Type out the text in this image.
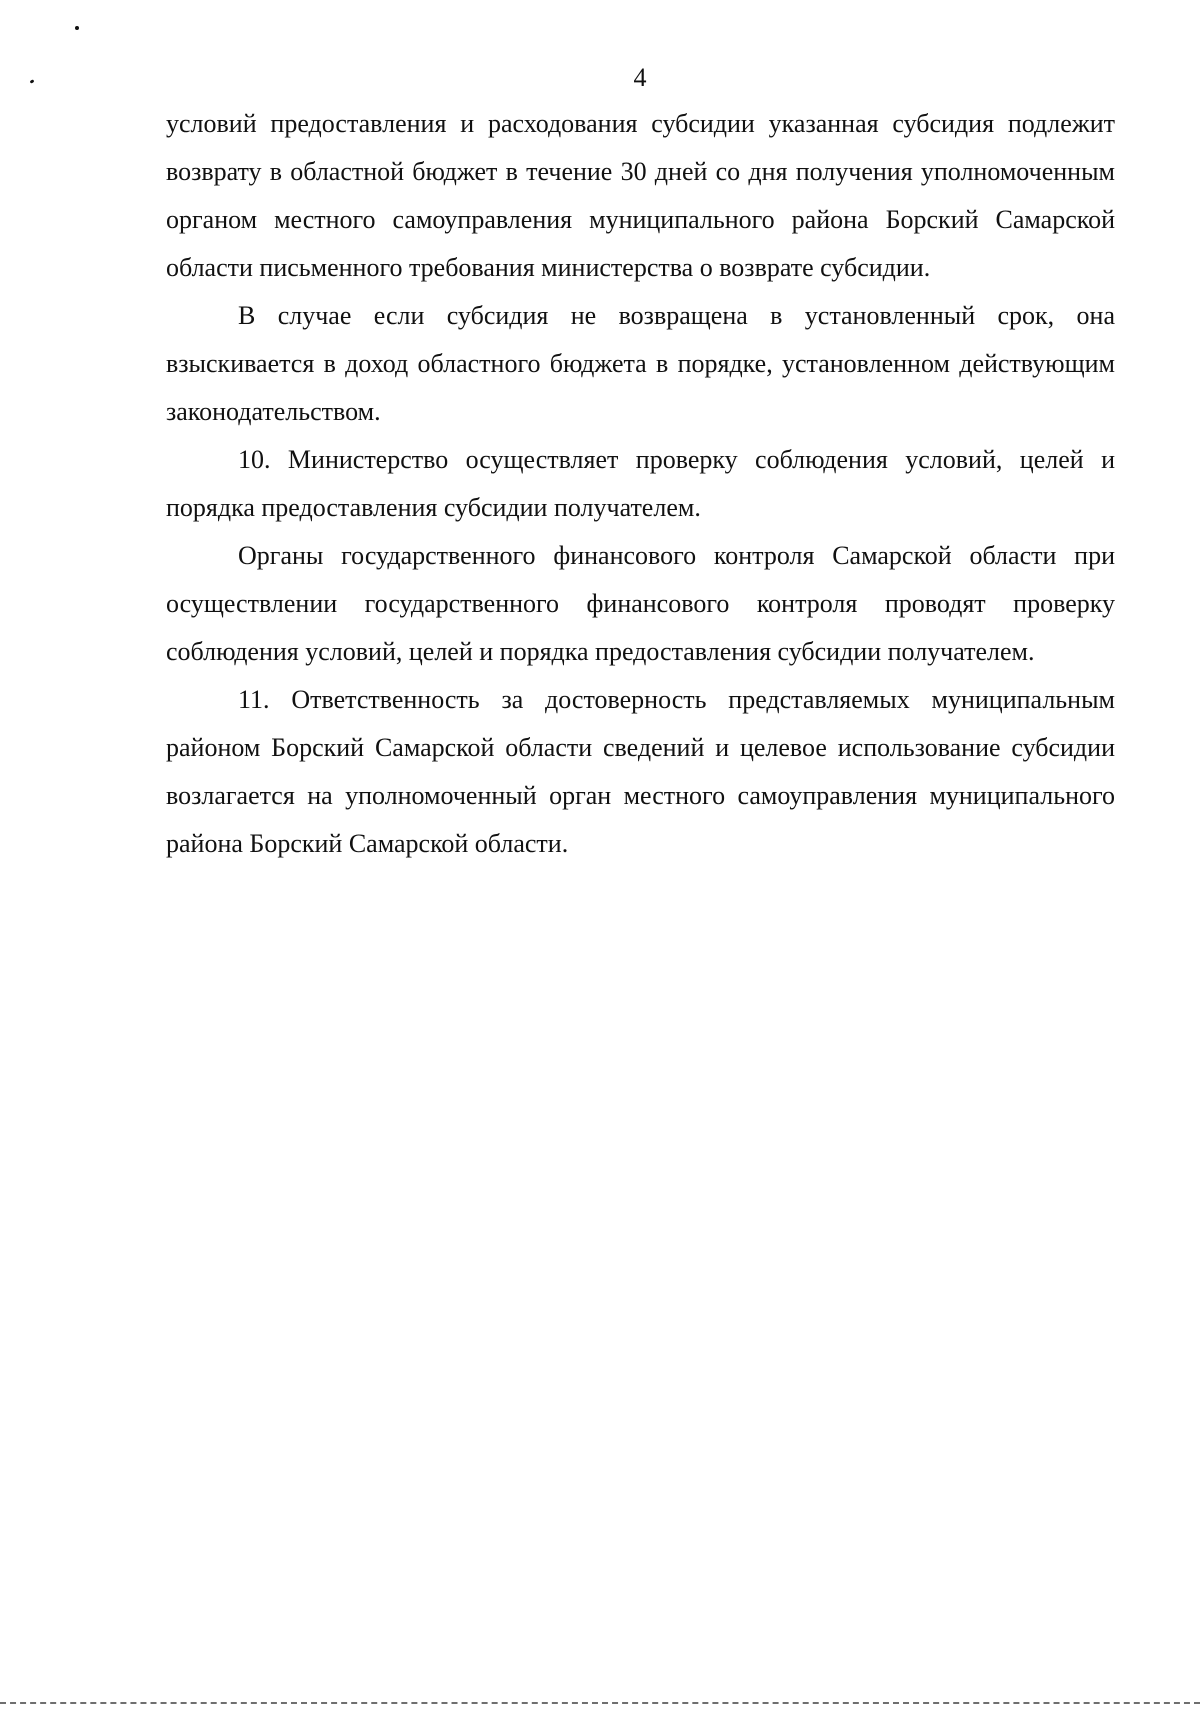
4

условий предоставления и расходования субсидии указанная субсидия подлежит возврату в областной бюджет в течение 30 дней со дня получения уполномоченным органом местного самоуправления муниципального района Борский Самарской области письменного требования министерства о возврате субсидии.

В случае если субсидия не возвращена в установленный срок, она взыскивается в доход областного бюджета в порядке, установленном действующим законодательством.

10. Министерство осуществляет проверку соблюдения условий, целей и порядка предоставления субсидии получателем.

Органы государственного финансового контроля Самарской области при осуществлении государственного финансового контроля проводят проверку соблюдения условий, целей и порядка предоставления субсидии получателем.

11. Ответственность за достоверность представляемых муниципальным районом Борский Самарской области сведений и целевое использование субсидии возлагается на уполномоченный орган местного самоуправления муниципального района Борский Самарской области.
